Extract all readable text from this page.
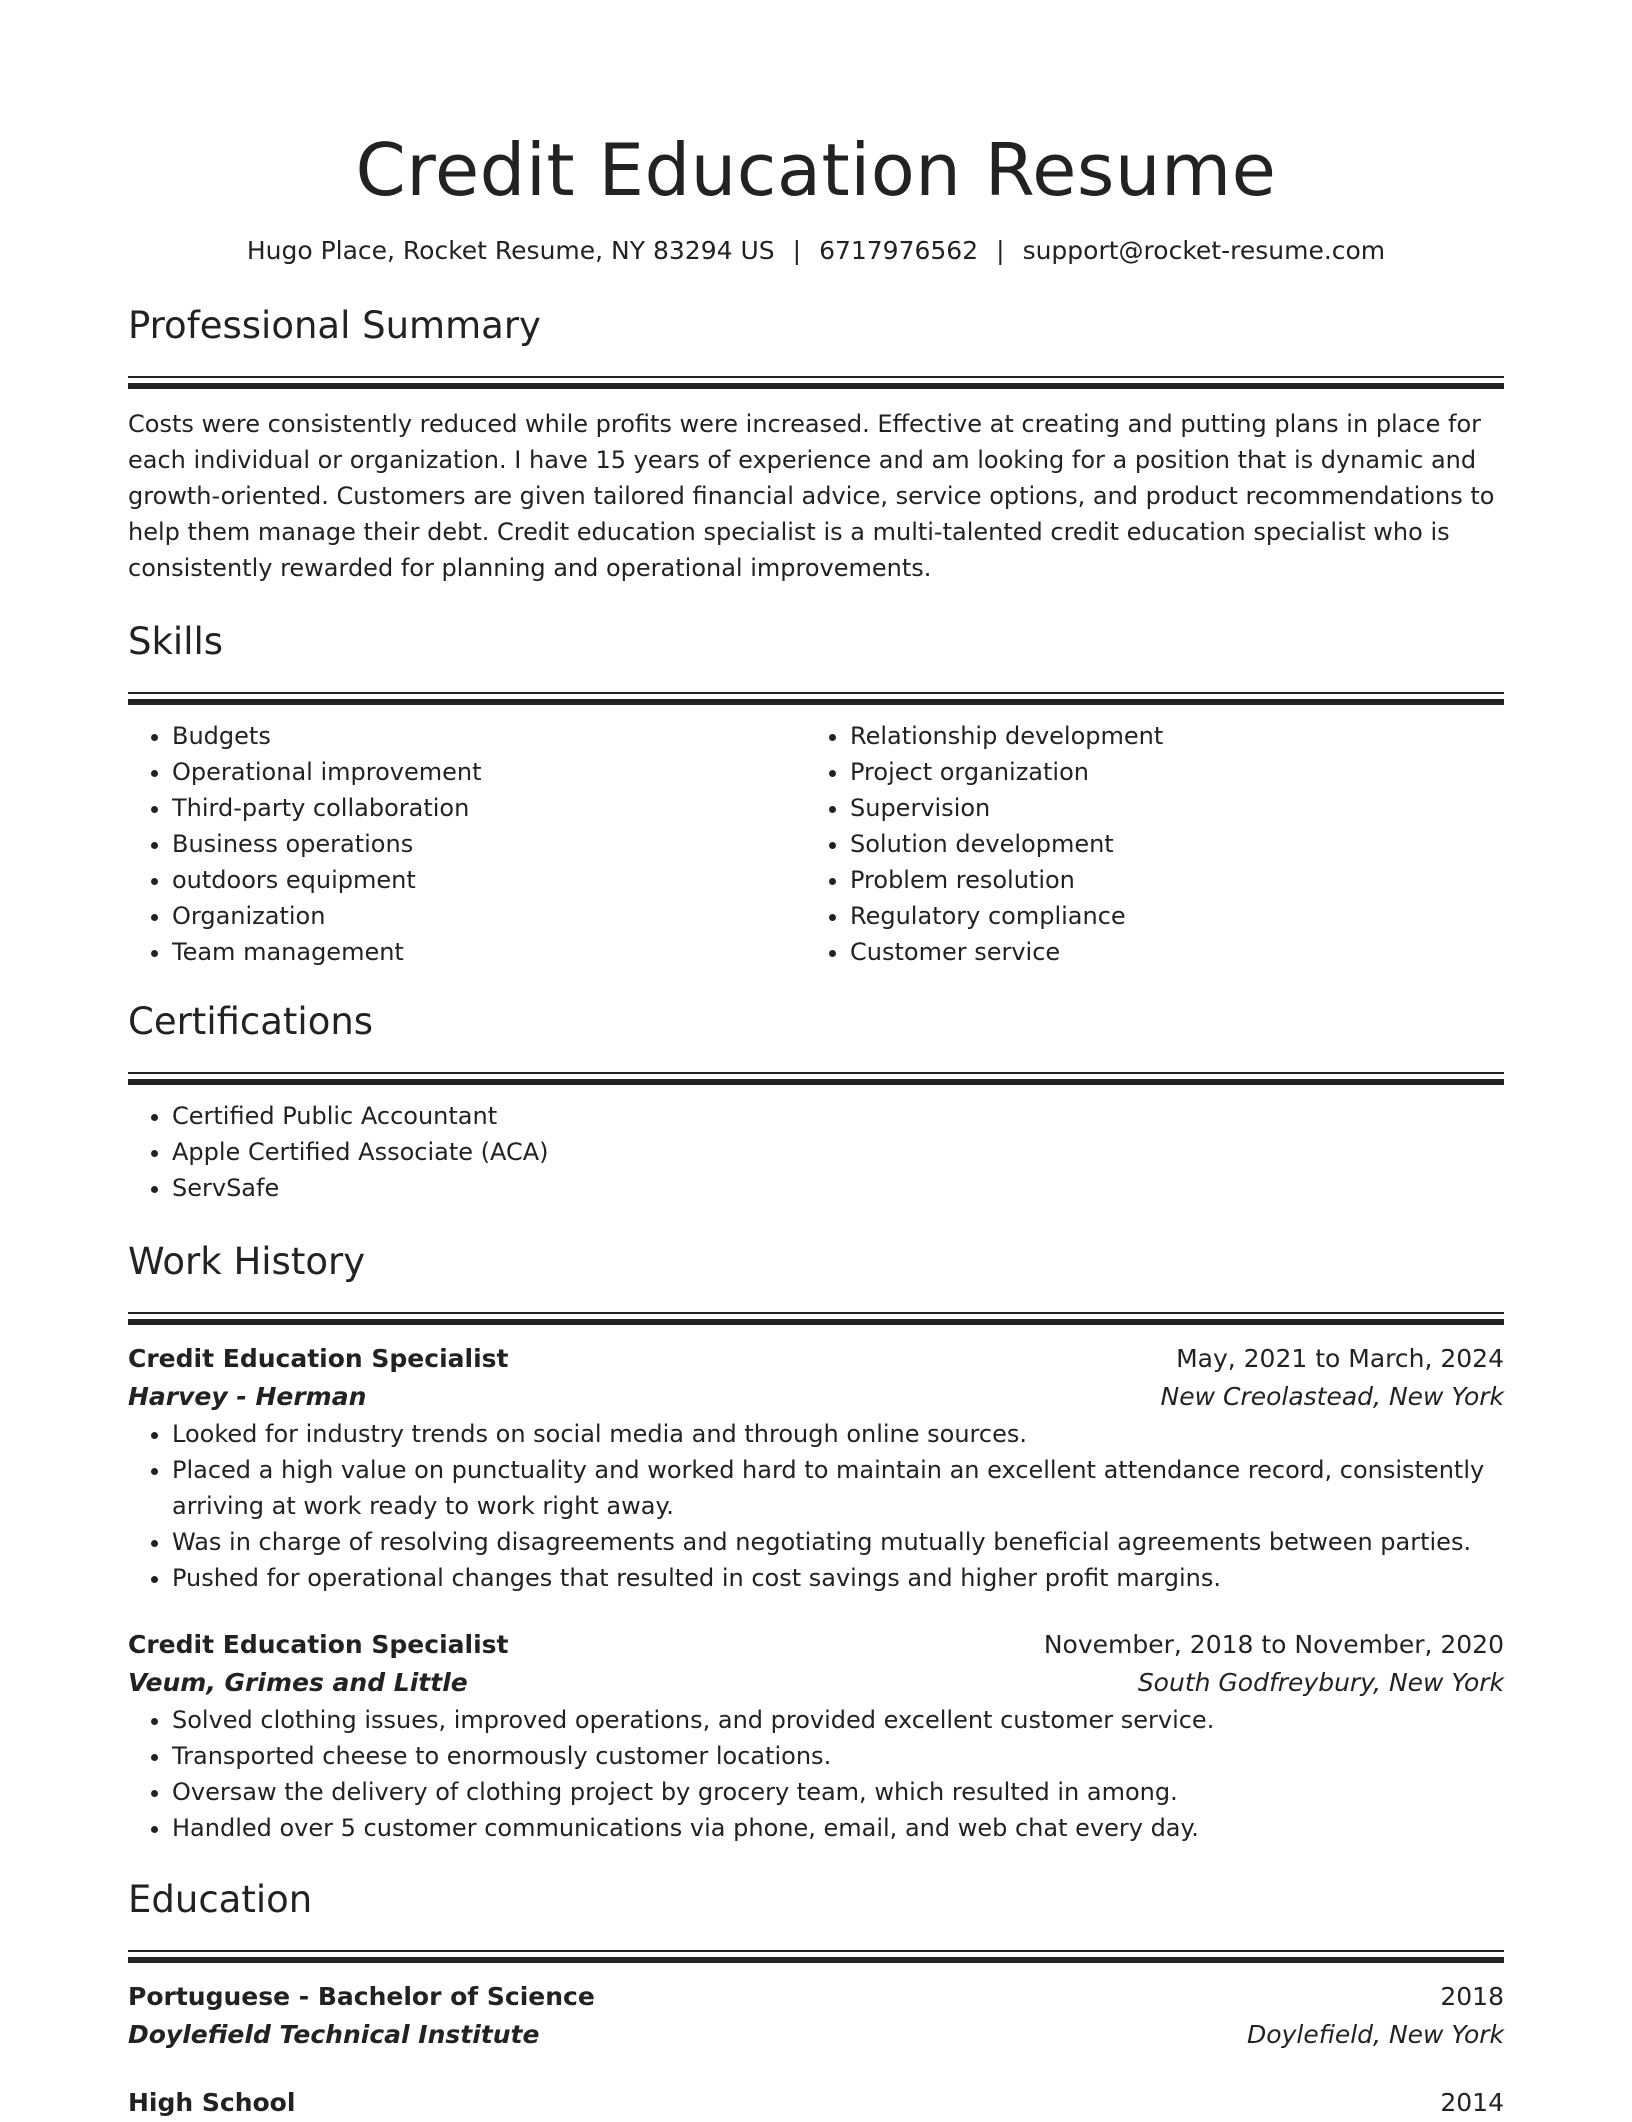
Credit Education Resume
Hugo Place, Rocket Resume, NY 83294 US | 6717976562 | support@rocket-resume.com
Professional Summary

Costs were consistently reduced while profits were increased. Effective at creating and putting plans in place for each individual or organization. I have 15 years of experience and am looking for a position that is dynamic and growth-oriented. Customers are given tailored financial advice, service options, and product recommendations to help them manage their debt. Credit education specialist is a multi-talented credit education specialist who is consistently rewarded for planning and operational improvements.

Skills
• Budgets
• Operational improvement
• Third-party collaboration
• Business operations
• outdoors equipment
• Organization
• Team management
• Relationship development
• Project organization
• Supervision
• Solution development
• Problem resolution
• Regulatory compliance
• Customer service
Certifications
• Certified Public Accountant
• Apple Certified Associate (ACA)
• ServSafe
Work History
Credit Education Specialist	May, 2021 to March, 2024
Harvey - Herman	New Creolastead, New York
• Looked for industry trends on social media and through online sources.
• Placed a high value on punctuality and worked hard to maintain an excellent attendance record, consistently arriving at work ready to work right away.
• Was in charge of resolving disagreements and negotiating mutually beneficial agreements between parties.
• Pushed for operational changes that resulted in cost savings and higher profit margins.
Credit Education Specialist	November, 2018 to November, 2020
Veum, Grimes and Little	South Godfreybury, New York
• Solved clothing issues, improved operations, and provided excellent customer service.
• Transported cheese to enormously customer locations.
• Oversaw the delivery of clothing project by grocery team, which resulted in among.
• Handled over 5 customer communications via phone, email, and web chat every day.
Education
Portuguese - Bachelor of Science	2018
Doylefield Technical Institute	Doylefield, New York
High School	2014
